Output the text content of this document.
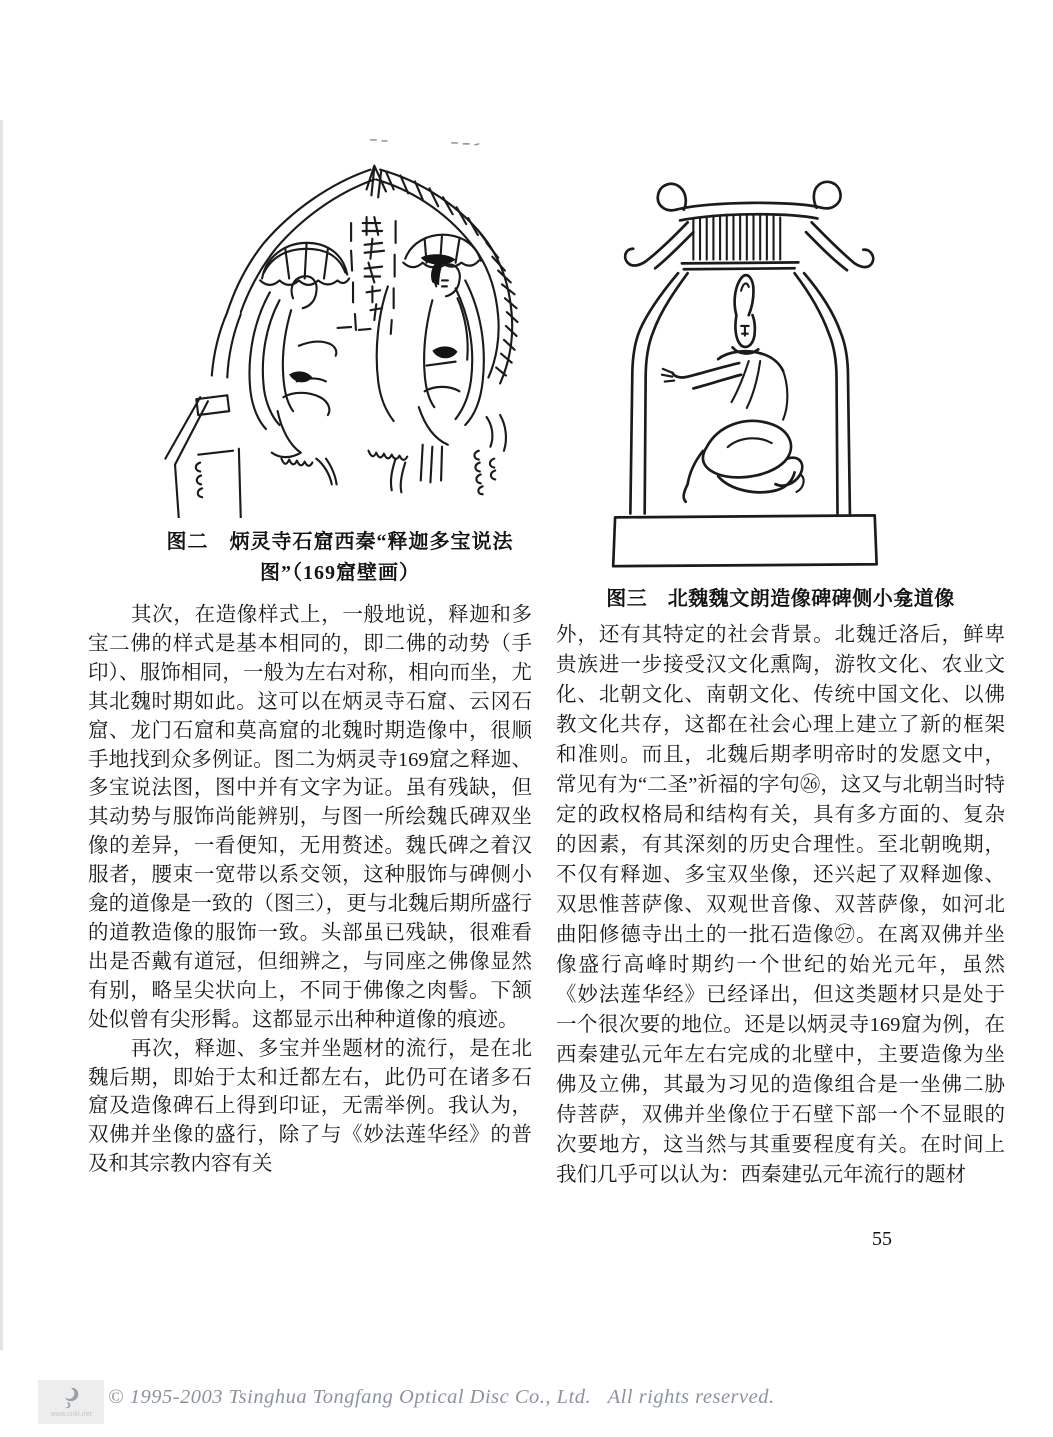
图二　炳灵寺石窟西秦“释迦多宝说法
图”（169窟壁画）
图三　北魏魏文朗造像碑碑侧小龛道像

其次，在造像样式上，一般地说，释迦和多宝二佛的样式是基本相同的，即二佛的动势（手印）、服饰相同，一般为左右对称，相向而坐，尤其北魏时期如此。这可以在炳灵寺石窟、云冈石窟、龙门石窟和莫高窟的北魏时期造像中，很顺手地找到众多例证。图二为炳灵寺169窟之释迦、多宝说法图，图中并有文字为证。虽有残缺，但其动势与服饰尚能辨别，与图一所绘魏氏碑双坐像的差异，一看便知，无用赘述。魏氏碑之着汉服者，腰束一宽带以系交领，这种服饰与碑侧小龛的道像是一致的（图三），更与北魏后期所盛行的道教造像的服饰一致。头部虽已残缺，很难看出是否戴有道冠，但细辨之，与同座之佛像显然有别，略呈尖状向上，不同于佛像之肉髻。下颔处似曾有尖形髯。这都显示出种种道像的痕迹。

再次，释迦、多宝并坐题材的流行，是在北魏后期，即始于太和迁都左右，此仍可在诸多石窟及造像碑石上得到印证，无需举例。我认为，双佛并坐像的盛行，除了与《妙法莲华经》的普及和其宗教内容有关

外，还有其特定的社会背景。北魏迁洛后，鲜卑贵族进一步接受汉文化熏陶，游牧文化、农业文化、北朝文化、南朝文化、传统中国文化、以佛教文化共存，这都在社会心理上建立了新的框架和准则。而且，北魏后期孝明帝时的发愿文中，常见有为“二圣”祈福的字句㉖，这又与北朝当时特定的政权格局和结构有关，具有多方面的、复杂的因素，有其深刻的历史合理性。至北朝晚期，不仅有释迦、多宝双坐像，还兴起了双释迦像、双思惟菩萨像、双观世音像、双菩萨像，如河北曲阳修德寺出土的一批石造像㉗。在离双佛并坐像盛行高峰时期约一个世纪的始光元年，虽然《妙法莲华经》已经译出，但这类题材只是处于一个很次要的地位。还是以炳灵寺169窟为例，在西秦建弘元年左右完成的北壁中，主要造像为坐佛及立佛，其最为习见的造像组合是一坐佛二胁侍菩萨，双佛并坐像位于石壁下部一个不显眼的次要地方，这当然与其重要程度有关。在时间上我们几乎可以认为：西秦建弘元年流行的题材

55
www.cnki.net
© 1995-2003 Tsinghua Tongfang Optical Disc Co., Ltd.   All rights reserved.
